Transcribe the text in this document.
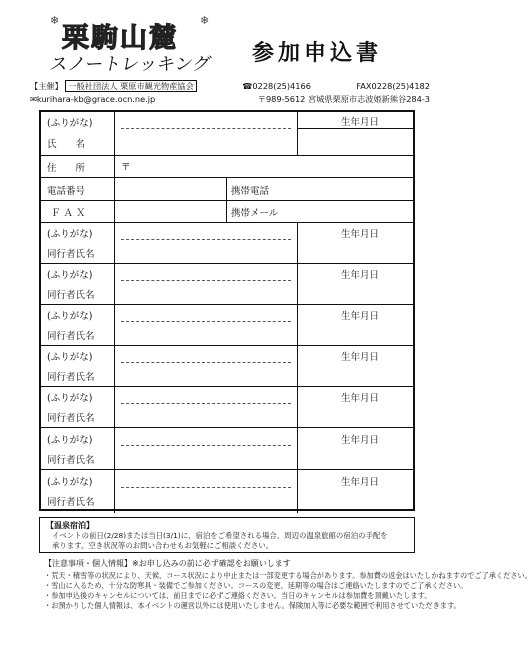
❄	❄
栗駒山麓
スノートレッキング 参加申込書
【主催】 一般社団法人 栗原市観光物産協会	☎0228(25)4166	FAX0228(25)4182
✉kurihara-kb@grace.ocn.ne.jp	〒989-5612 宮城県栗原市志波姫新熊谷284-3
(ふりがな)
氏　　名
生年月日
住　　所	〒
電話番号	携帯電話
Ｆ Ａ Ｘ	携帯メール
(ふりがな)
同行者氏名
生年月日
(ふりがな)
同行者氏名
生年月日
(ふりがな)
同行者氏名
生年月日
(ふりがな)
同行者氏名
生年月日
(ふりがな)
同行者氏名
生年月日
(ふりがな)
同行者氏名
生年月日
(ふりがな)
同行者氏名
生年月日
【温泉宿泊】
イベントの前日(2/28)または当日(3/1)に、宿泊をご希望される場合、周辺の温泉旅館の宿泊の手配を
承ります。空き状況等のお問い合わせもお気軽にご相談ください。
【注意事項・個人情報】※お申し込みの前に必ず確認をお願いします
・荒天・積雪等の状況により、天候、コース状況により中止または一部変更する場合があります。参加費の返金はいたしかねますのでご了承ください。
・雪山に入るため、十分な防寒具・装備でご参加ください。コースの変更、延期等の場合はご連絡いたしますのでご了承ください。
・参加申込後のキャンセルについては、前日までに必ずご連絡ください。当日のキャンセルは参加費を頂戴いたします。
・お預かりした個人情報は、本イベントの運営以外には使用いたしません。保険加入等に必要な範囲で利用させていただきます。
